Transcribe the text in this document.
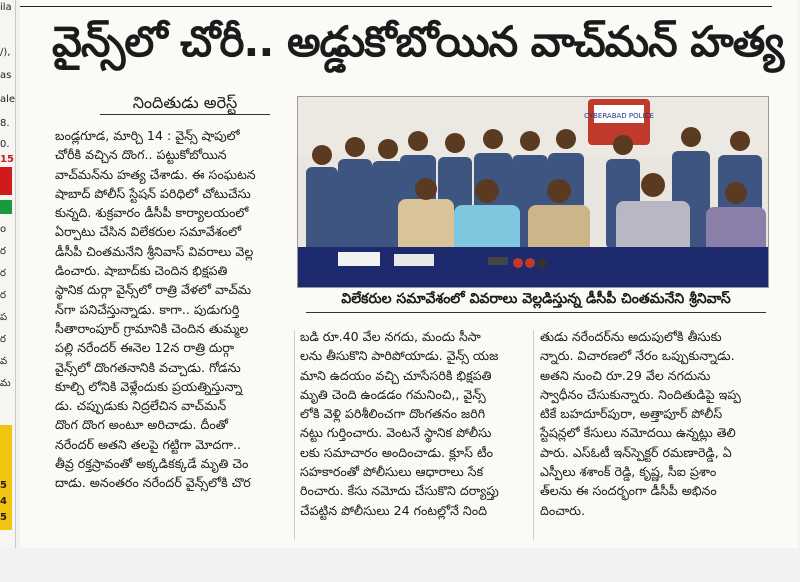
ila
/),
as
ale
8.
0.
15
o
ర
ర
ర
ప
ర
వ
మ
5
4
5
వైన్స్‌లో చోరీ.. అడ్డుకోబోయిన వాచ్‌మన్ హత్య
నిందితుడు అరెస్ట్
CYBERABAD POLICE
విలేకరుల సమావేశంలో వివరాలు వెల్లడిస్తున్న డీసీపీ చింతమనేని శ్రీనివాస్

బండ్లగూడ, మార్చి 14 : వైన్స్ షాపులో

చోరీకి వచ్చిన దొంగ.. పట్టుకోబోయిన

వాచ్‌మన్‌ను హత్య చేశాడు. ఈ సంఘటన

షాబాద్ పోలీస్ స్టేషన్ పరిధిలో చోటుచేసు

కున్నది. శుక్రవారం డీసీపీ కార్యాలయంలో

ఏర్పాటు చేసిన విలేకరుల సమావేశంలో

డీసీపీ చింతమనేని శ్రీనివాస్ వివరాలు వెల్ల

డించారు. షాబాద్‌కు చెందిన భిక్షపతి

స్థానిక దుర్గా వైన్స్‌లో రాత్రి వేళలో వాచ్‌మ

న్‌గా పనిచేస్తున్నాడు. కాగా.. పుడుగుర్తి

సీతారాంపూర్ గ్రామానికి చెందిన తుమ్మల

పల్లి నరేందర్ ఈనెల 12న రాత్రి దుర్గా

వైన్స్‌లో దొంగతనానికి వచ్చాడు. గోడను

కూల్చి లోనికి వెళ్లేందుకు ప్రయత్నిస్తున్నా

డు. చప్పుడుకు నిద్రలేచిన వాచ్‌మన్

దొంగ దొంగ అంటూ అరిచాడు. దీంతో

నరేందర్ అతని తలపై గట్టిగా మోదగా..

తీవ్ర రక్తస్రావంతో అక్కడికక్కడే మృతి చెం

దాడు. అనంతరం నరేందర్ వైన్స్‌లోకి చొర

బడి రూ.40 వేల నగదు, మందు సీసా

లను తీసుకొని పారిపోయాడు. వైన్స్ యజ

మాని ఉదయం వచ్చి చూసేసరికి భిక్షపతి

మృతి చెంది ఉండడం గమనించి,, వైన్స్

లోకి వెళ్లి పరిశీలించగా దొంగతనం జరిగి

నట్టు గుర్తించారు. వెంటనే స్థానిక పోలీసు

లకు సమాచారం అందించాడు. క్లూస్ టీం

సహకారంతో పోలీసులు ఆధారాలు సేక

రించారు. కేసు నమోదు చేసుకొని దర్యాప్తు

చేపట్టిన పోలీసులు 24 గంటల్లోనే నింది

తుడు నరేందర్‌ను అదుపులోకి తీసుకు

న్నారు. విచారణలో నేరం ఒప్పుకున్నాడు.

అతని నుంచి రూ.29 వేల నగదును

స్వాధీనం చేసుకున్నారు. నిందితుడిపై ఇప్ప

టికే బహదూర్‌పురా, అత్తాపూర్ పోలీస్

స్టేషన్లలో కేసులు నమోదయి ఉన్నట్లు తెలి

పారు. ఎస్ఓటీ ఇన్‌స్పెక్టర్ రమణారెడ్డి, ఏ

ఎస్పీలు శశాంక్ రెడ్డి, కృష్ణ, సీఐ ప్రశాం

త్‌లను ఈ సందర్భంగా డీసీపీ అభినం

దించారు.
